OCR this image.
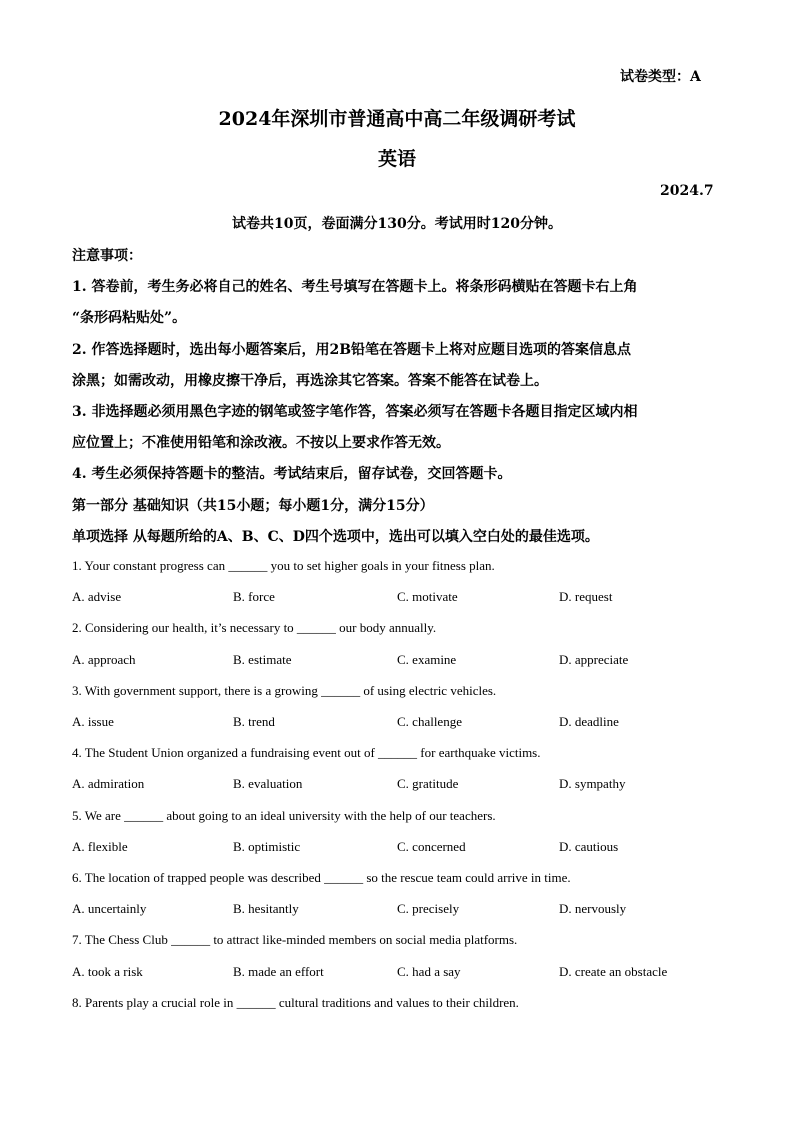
试卷类型：A
2024年深圳市普通高中高二年级调研考试
英语
2024.7
试卷共10页，卷面满分130分。考试用时120分钟。
注意事项：
1. 答卷前，考生务必将自己的姓名、考生号填写在答题卡上。将条形码横贴在答题卡右上角
“条形码粘贴处”。
2. 作答选择题时，选出每小题答案后，用2B铅笔在答题卡上将对应题目选项的答案信息点
涂黑；如需改动，用橡皮擦干净后，再选涂其它答案。答案不能答在试卷上。
3. 非选择题必须用黑色字迹的钢笔或签字笔作答，答案必须写在答题卡各题目指定区域内相
应位置上；不准使用铅笔和涂改液。不按以上要求作答无效。
4. 考生必须保持答题卡的整洁。考试结束后，留存试卷，交回答题卡。
第一部分 基础知识（共15小题；每小题1分，满分15分）
单项选择 从每题所给的A、B、C、D四个选项中，选出可以填入空白处的最佳选项。
1. Your constant progress can ______ you to set higher goals in your fitness plan.
A. advise	B. force	C. motivate	D. request
2. Considering our health, it’s necessary to ______ our body annually.
A. approach	B. estimate	C. examine	D. appreciate
3. With government support, there is a growing ______ of using electric vehicles.
A. issue	B. trend	C. challenge	D. deadline
4. The Student Union organized a fundraising event out of ______ for earthquake victims.
A. admiration	B. evaluation	C. gratitude	D. sympathy
5. We are ______ about going to an ideal university with the help of our teachers.
A. flexible	B. optimistic	C. concerned	D. cautious
6. The location of trapped people was described ______ so the rescue team could arrive in time.
A. uncertainly	B. hesitantly	C. precisely	D. nervously
7. The Chess Club ______ to attract like-minded members on social media platforms.
A. took a risk	B. made an effort	C. had a say	D. create an obstacle
8. Parents play a crucial role in ______ cultural traditions and values to their children.
